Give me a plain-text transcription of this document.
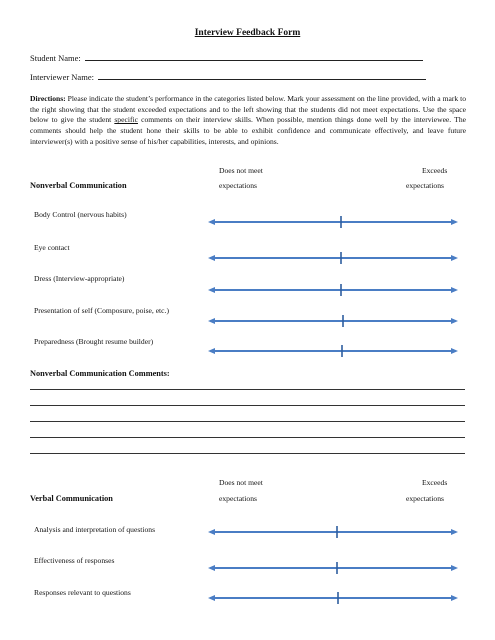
Interview Feedback Form
Student Name:
Interviewer Name:
Directions: Please indicate the student’s performance in the categories listed below. Mark your assessment on the line provided, with a mark to the right showing that the student exceeded expectations and to the left showing that the students did not meet expectations. Use the space below to give the student specific comments on their interview skills. When possible, mention things done well by the interviewee. The comments should help the student hone their skills to be able to exhibit confidence and communicate effectively, and leave future interviewer(s) with a positive sense of his/her capabilities, interests, and opinions.
Does not meet	Exceeds
Nonverbal Communication	expectations	expectations
Body Control (nervous habits)
Eye contact
Dress (Interview-appropriate)
Presentation of self (Composure, poise, etc.)
Preparedness (Brought resume builder)
Nonverbal Communication Comments:
Does not meet	Exceeds
Verbal Communication	expectations	expectations
Analysis and interpretation of questions
Effectiveness of responses
Responses relevant to questions
